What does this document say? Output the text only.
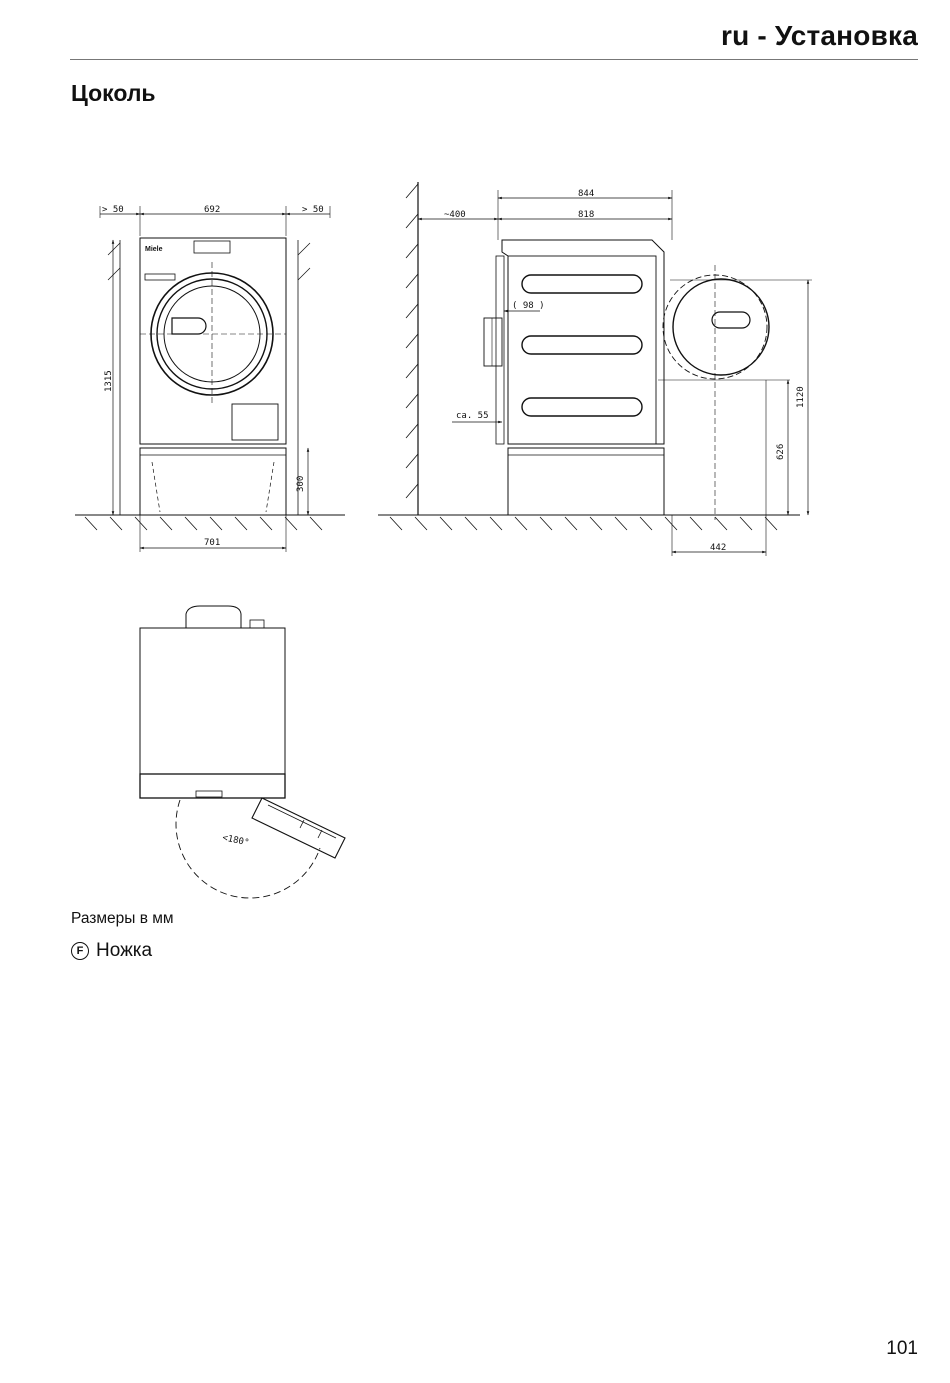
ru - Установка
Цоколь
> 50	692	> 50
1315
300
701
Miele
844
~400	818
( 98 )
ca. 55
626
1120
442
<180°
Размеры в мм
F Ножка
101
